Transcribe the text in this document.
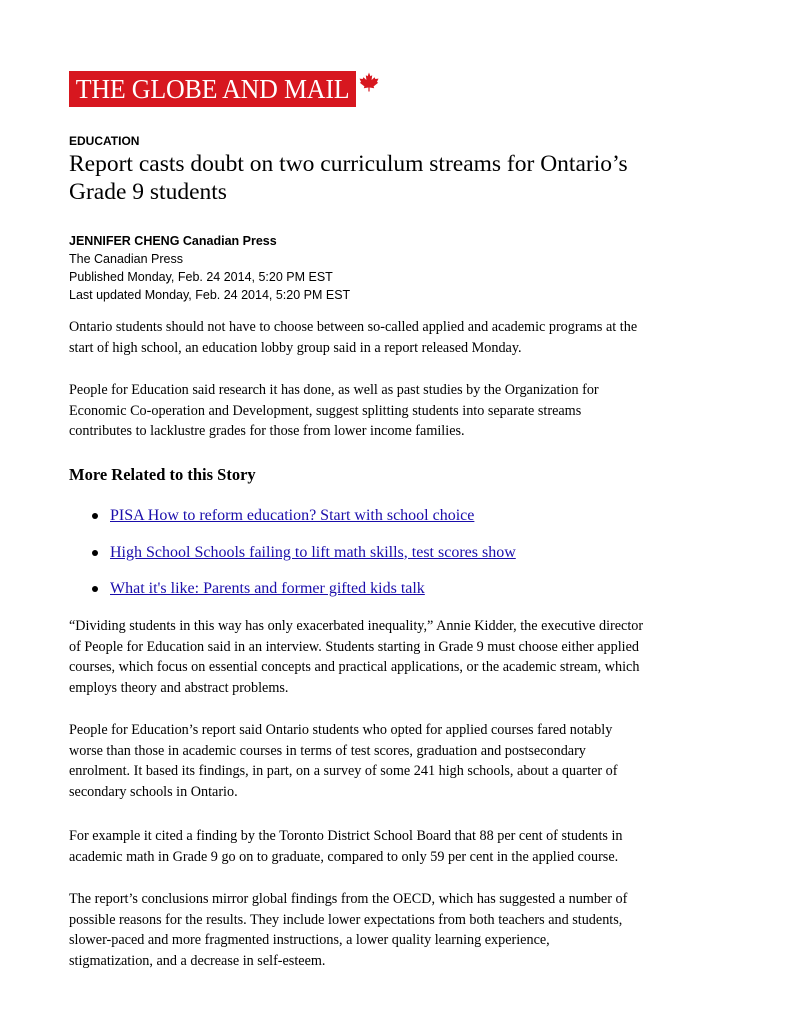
THE GLOBE AND MAIL
EDUCATION
Report casts doubt on two curriculum streams for Ontario’s
Grade 9 students
JENNIFER CHENG Canadian Press
The Canadian Press
Published Monday, Feb. 24 2014, 5:20 PM EST
Last updated Monday, Feb. 24 2014, 5:20 PM EST

Ontario students should not have to choose between so-called applied and academic programs at the
start of high school, an education lobby group said in a report released Monday.

People for Education said research it has done, as well as past studies by the Organization for
Economic Co-operation and Development, suggest splitting students into separate streams
contributes to lacklustre grades for those from lower income families.

More Related to this Story
PISA How to reform education? Start with school choice
High School Schools failing to lift math skills, test scores show
What it's like: Parents and former gifted kids talk

“Dividing students in this way has only exacerbated inequality,” Annie Kidder, the executive director
of People for Education said in an interview. Students starting in Grade 9 must choose either applied
courses, which focus on essential concepts and practical applications, or the academic stream, which
employs theory and abstract problems.

People for Education’s report said Ontario students who opted for applied courses fared notably
worse than those in academic courses in terms of test scores, graduation and postsecondary
enrolment. It based its findings, in part, on a survey of some 241 high schools, about a quarter of
secondary schools in Ontario.

For example it cited a finding by the Toronto District School Board that 88 per cent of students in
academic math in Grade 9 go on to graduate, compared to only 59 per cent in the applied course.

The report’s conclusions mirror global findings from the OECD, which has suggested a number of
possible reasons for the results. They include lower expectations from both teachers and students,
slower-paced and more fragmented instructions, a lower quality learning experience,
stigmatization, and a decrease in self-esteem.
